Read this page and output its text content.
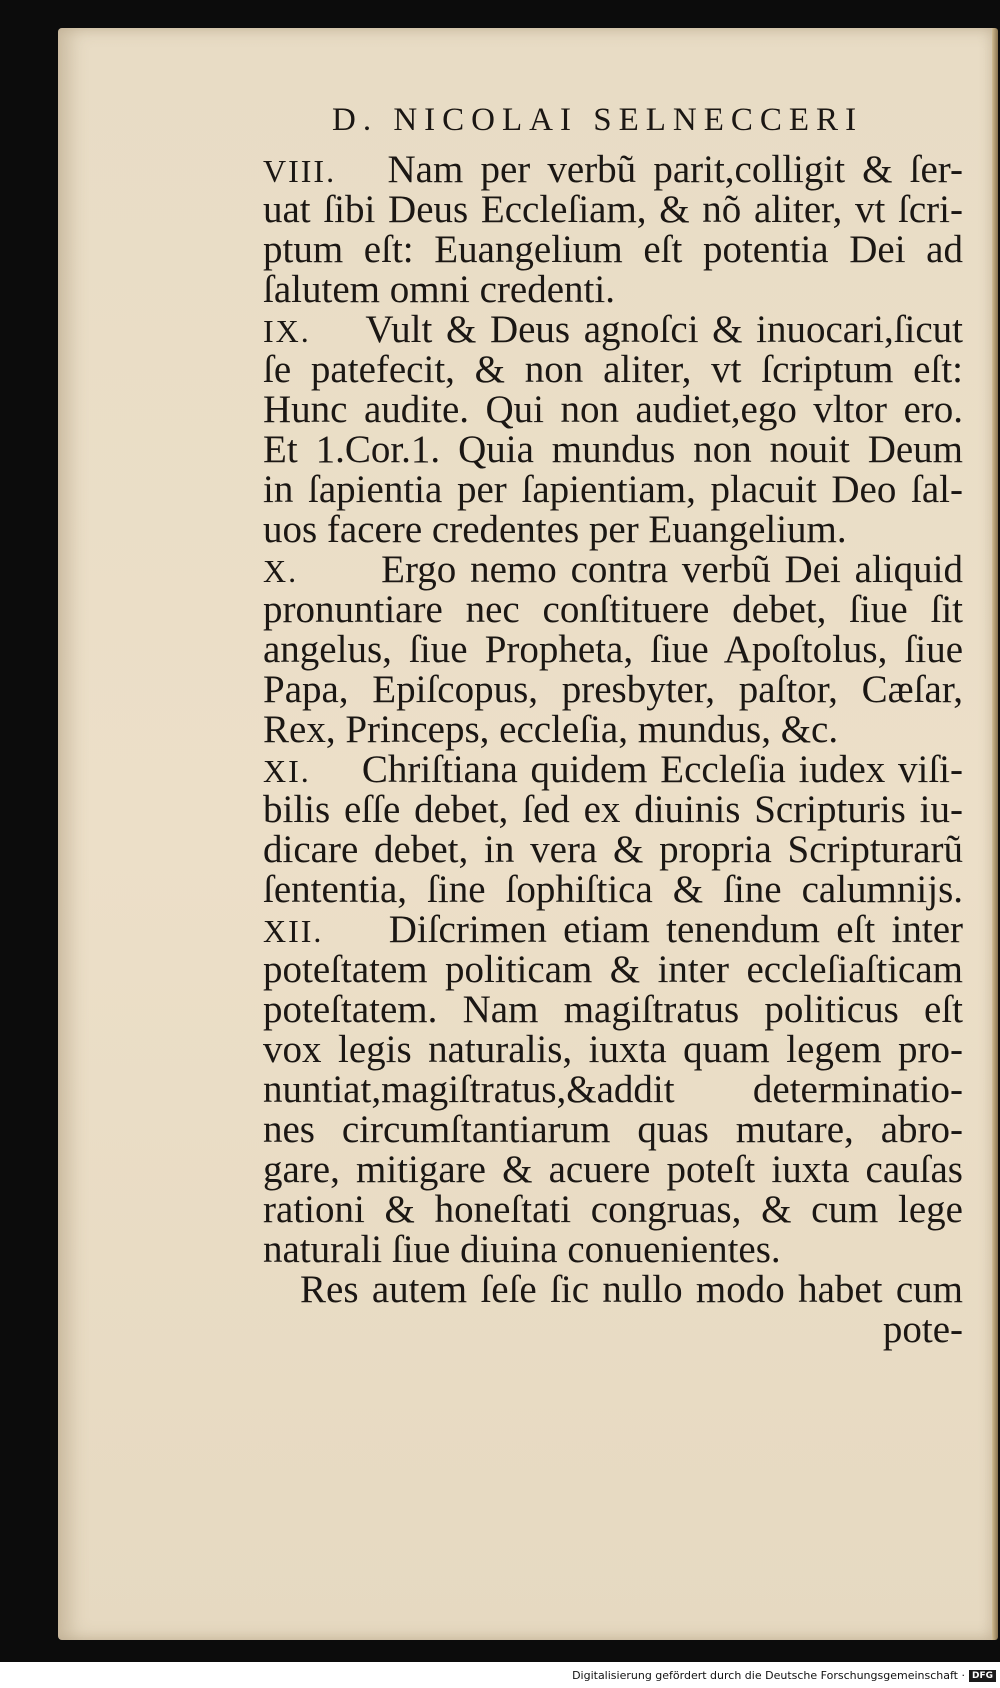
D. NICOLAI SELNECCERI
VIII. Nam per verbũ parit,colligit & ſer-
uat ſibi Deus Eccleſiam, & nõ aliter, vt ſcri-
ptum eſt: Euangelium eſt potentia Dei ad
ſalutem omni credenti.
IX. Vult & Deus agnoſci & inuocari,ſicut
ſe patefecit, & non aliter, vt ſcriptum eſt:
Hunc audite. Qui non audiet,ego vltor ero.
Et 1.Cor.1. Quia mundus non nouit Deum
in ſapientia per ſapientiam, placuit Deo ſal-
uos facere credentes per Euangelium.
X. Ergo nemo contra verbũ Dei aliquid
pronuntiare nec conſtituere debet, ſiue ſit
angelus, ſiue Propheta, ſiue Apoſtolus, ſiue
Papa, Epiſcopus, presbyter, paſtor, Cæſar,
Rex, Princeps, eccleſia, mundus, &c.
XI. Chriſtiana quidem Eccleſia iudex viſi-
bilis eſſe debet, ſed ex diuinis Scripturis iu-
dicare debet, in vera & propria Scripturarũ
ſententia, ſine ſophiſtica & ſine calumnijs.
XII. Diſcrimen etiam tenendum eſt inter
poteſtatem politicam & inter eccleſiaſticam
poteſtatem. Nam magiſtratus politicus eſt
vox legis naturalis, iuxta quam legem pro-
nuntiat,magiſtratus,&addit determinatio-
nes circumſtantiarum quas mutare, abro-
gare, mitigare & acuere poteſt iuxta cauſas
rationi & honeſtati congruas, & cum lege
naturali ſiue diuina conuenientes.
Res autem ſeſe ſic nullo modo habet cum
pote-
Digitalisierung gefördert durch die Deutsche Forschungsgemeinschaft · DFG
